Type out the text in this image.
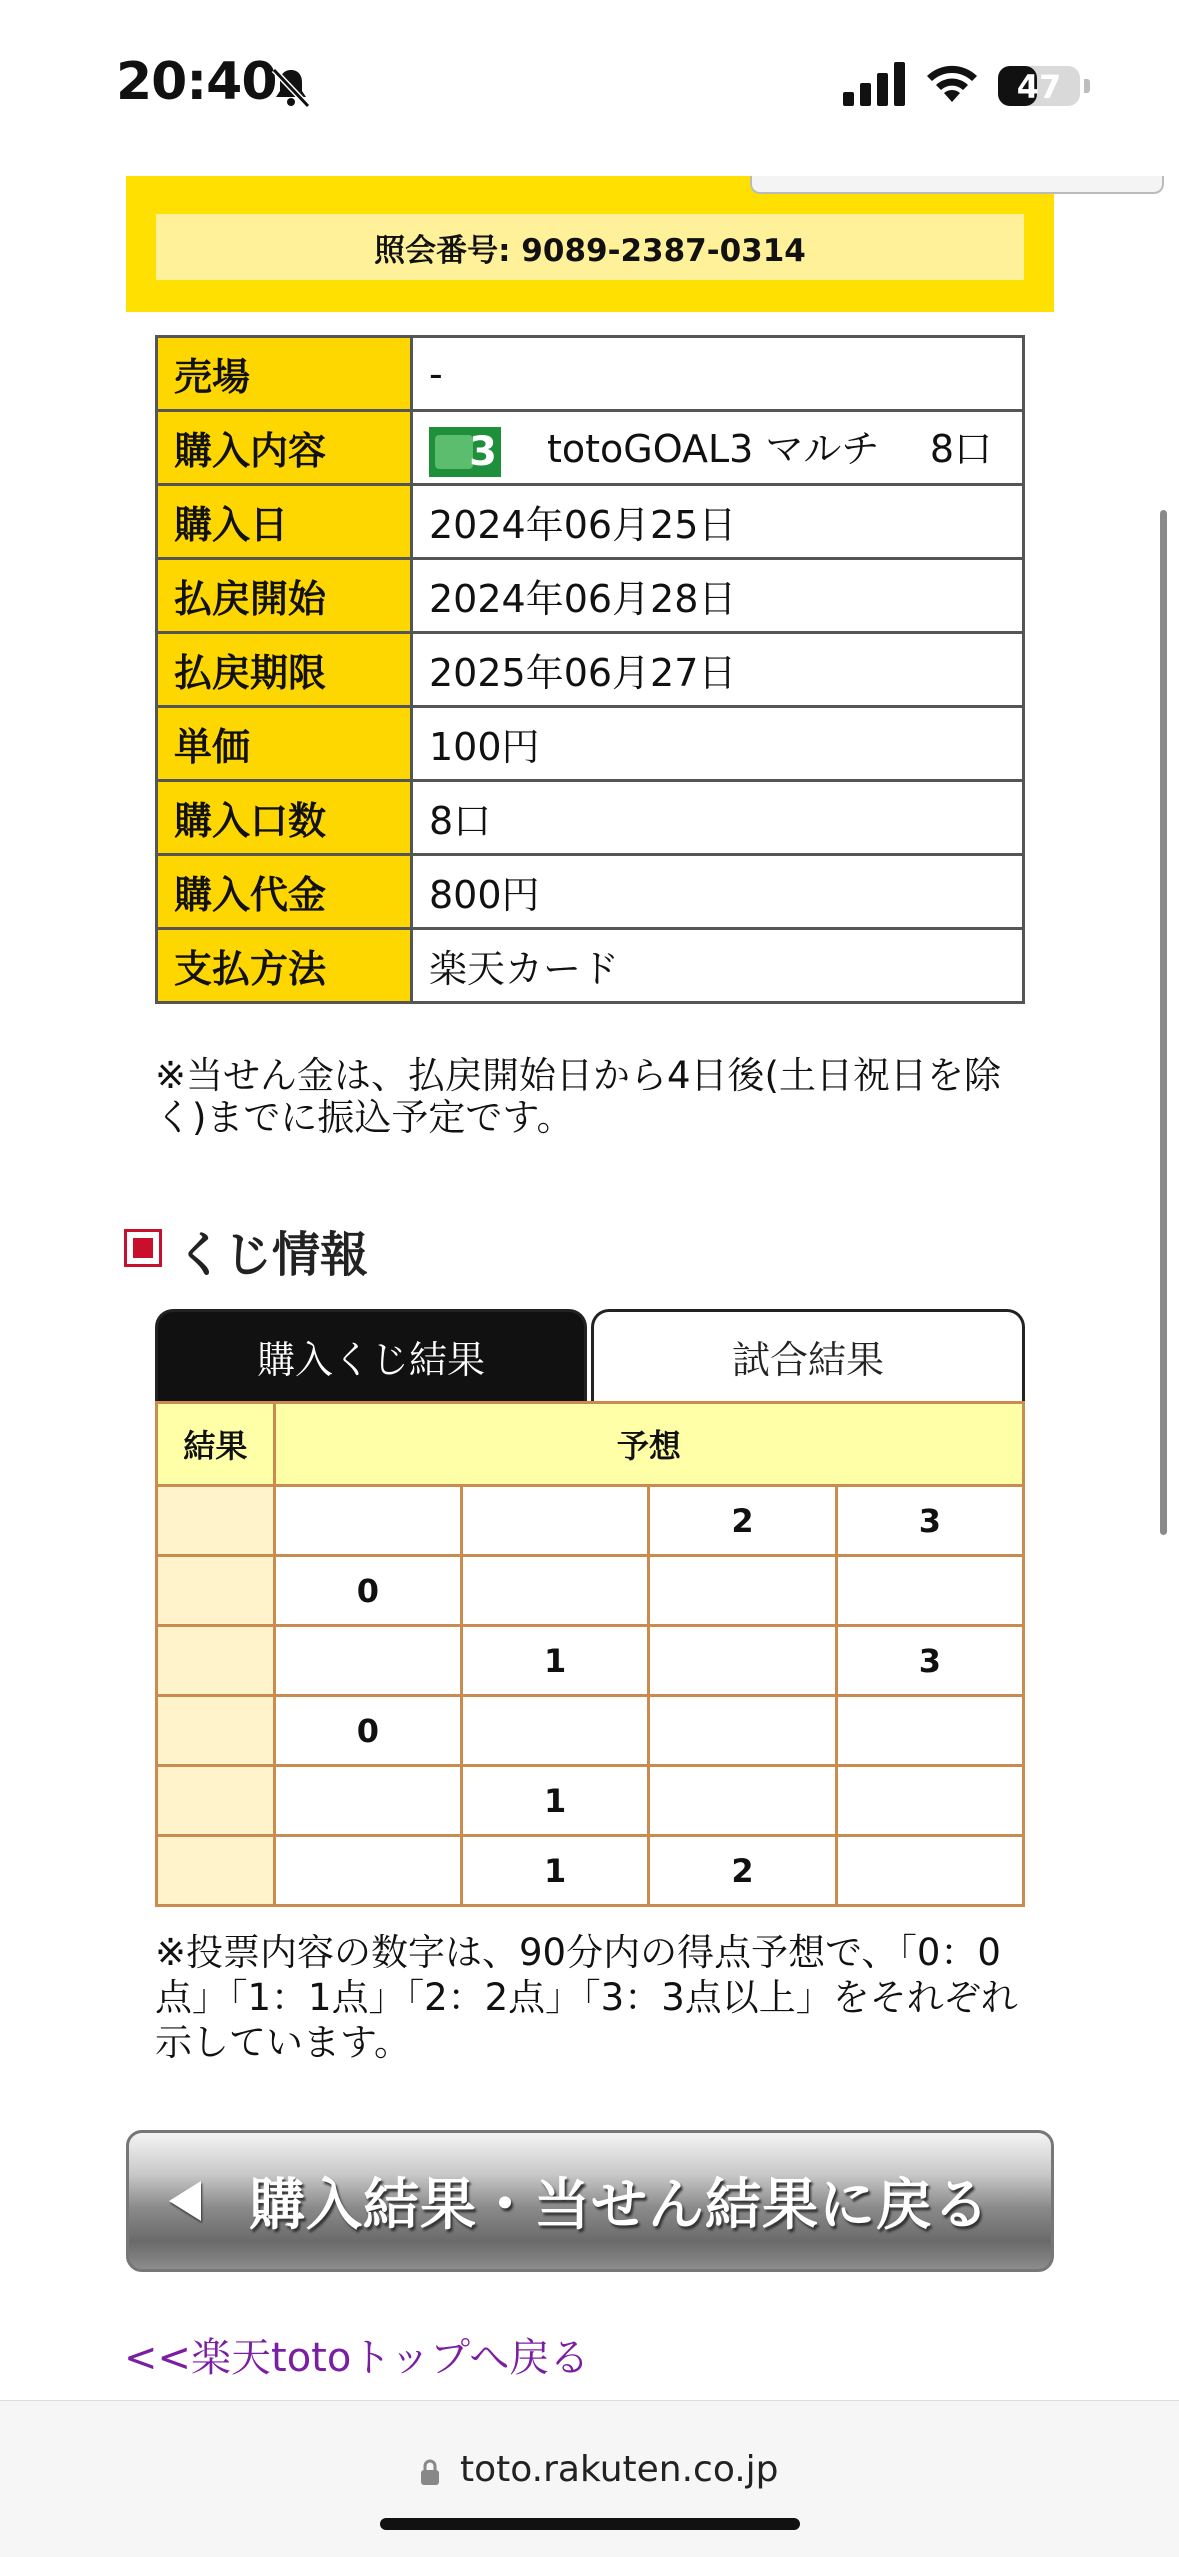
20:40	47
照会番号: 9089-2387-0314
売場	-
購入内容	3 totoGOAL3 マルチ 8口

購入日	2024年06月25日
払戻開始	2024年06月28日
払戻期限	2025年06月27日
単価	100円
購入口数	8口
購入代金	800円
支払方法	楽天カード
※当せん金は、払戻開始日から4日後(土日祝日を除く)までに振込予定です。
くじ情報
購入くじ結果	試合結果
結果	予想			
			2	3
	0			
		1		3
	0			
		1		
		1	2	
※投票内容の数字は、90分内の得点予想で、「0：0点」「1：1点」「2：2点」「3：3点以上」をそれぞれ示しています。
購入結果・当せん結果に戻る
<<楽天totoトップへ戻る
toto.rakuten.co.jp
